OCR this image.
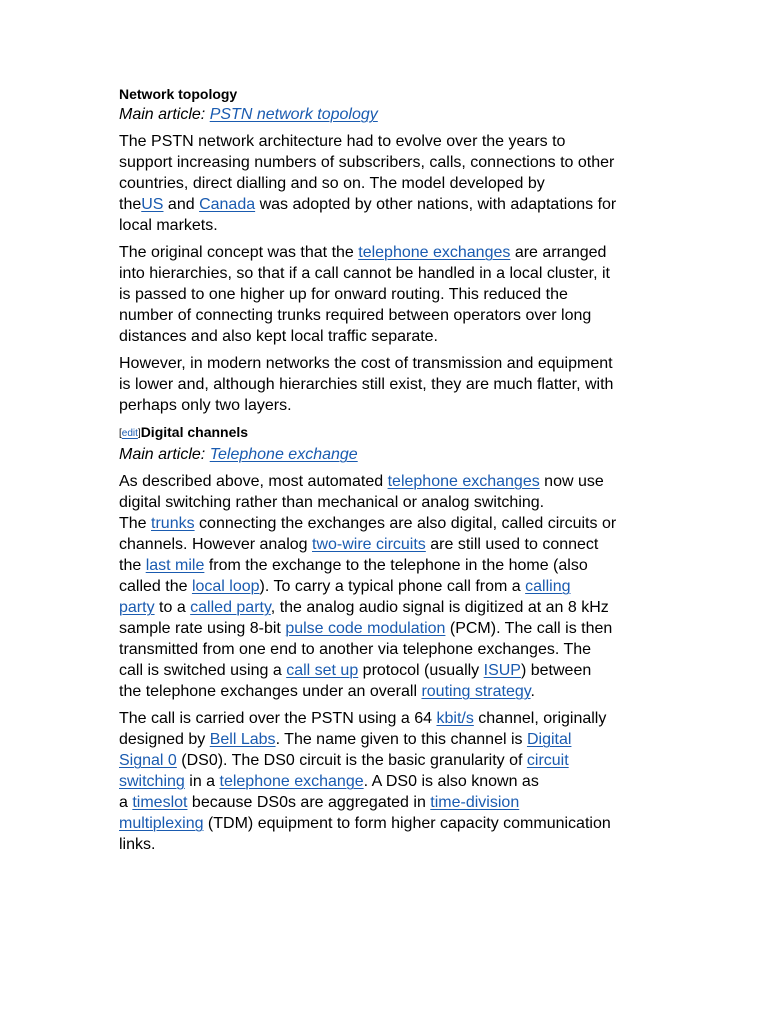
Network topology
Main article: PSTN network topology

The PSTN network architecture had to evolve over the years to
support increasing numbers of subscribers, calls, connections to other
countries, direct dialling and so on. The model developed by
theUS and Canada was adopted by other nations, with adaptations for
local markets.

The original concept was that the telephone exchanges are arranged
into hierarchies, so that if a call cannot be handled in a local cluster, it
is passed to one higher up for onward routing. This reduced the
number of connecting trunks required between operators over long
distances and also kept local traffic separate.

However, in modern networks the cost of transmission and equipment
is lower and, although hierarchies still exist, they are much flatter, with
perhaps only two layers.

[edit]Digital channels
Main article: Telephone exchange

As described above, most automated telephone exchanges now use
digital switching rather than mechanical or analog switching.
The trunks connecting the exchanges are also digital, called circuits or
channels. However analog two-wire circuits are still used to connect
the last mile from the exchange to the telephone in the home (also
called the local loop). To carry a typical phone call from a calling
party to a called party, the analog audio signal is digitized at an 8 kHz
sample rate using 8-bit pulse code modulation (PCM). The call is then
transmitted from one end to another via telephone exchanges. The
call is switched using a call set up protocol (usually ISUP) between
the telephone exchanges under an overall routing strategy.

The call is carried over the PSTN using a 64 kbit/s channel, originally
designed by Bell Labs. The name given to this channel is Digital
Signal 0 (DS0). The DS0 circuit is the basic granularity of circuit
switching in a telephone exchange. A DS0 is also known as
a timeslot because DS0s are aggregated in time-division
multiplexing (TDM) equipment to form higher capacity communication
links.
